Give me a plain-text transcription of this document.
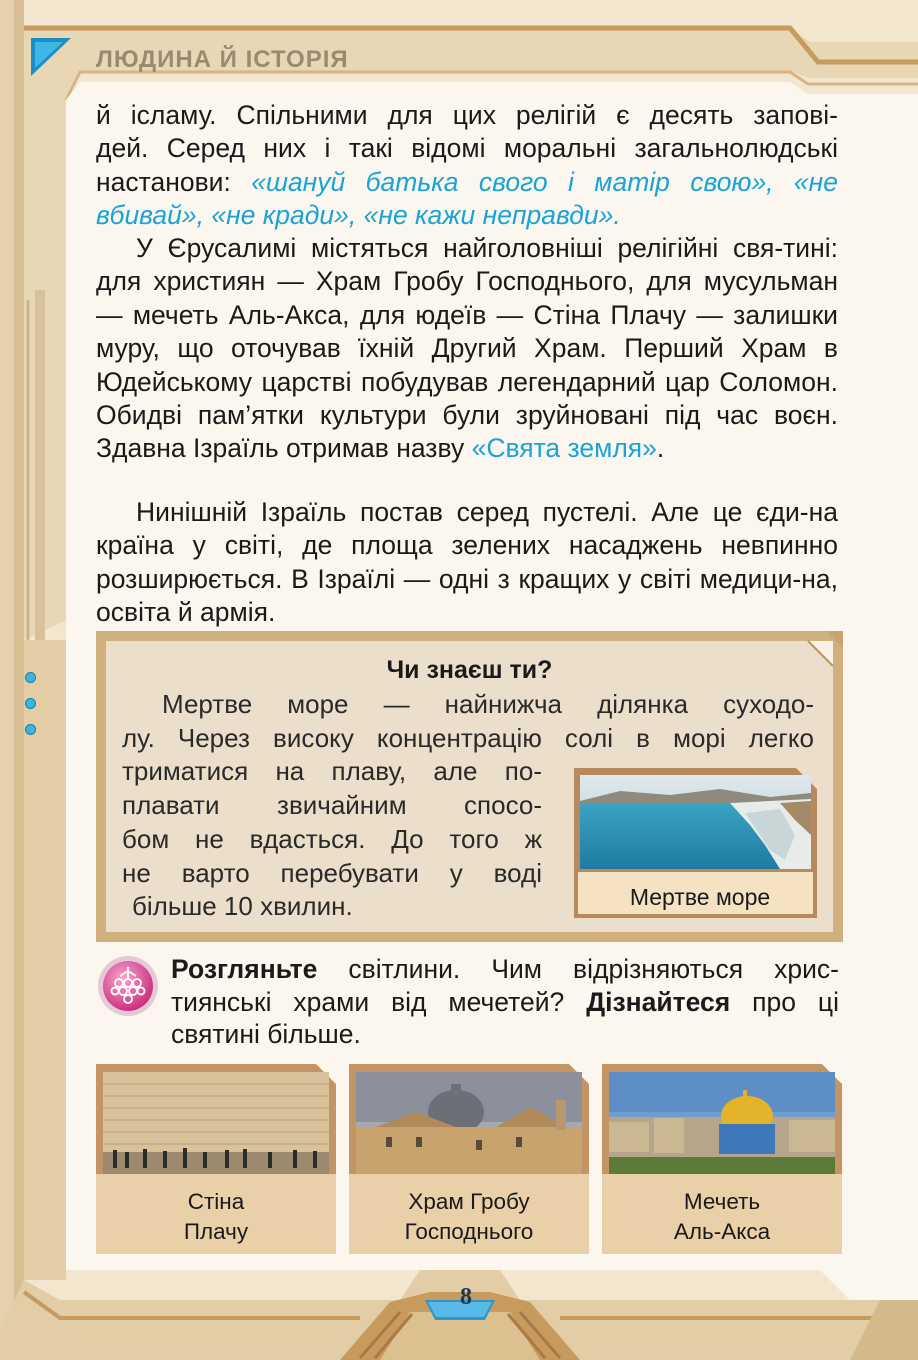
ЛЮДИНА Й ІСТОРІЯ

й ісламу. Спільними для цих релігій є десять запові-

дей. Серед них і такі відомі моральні загальнолюдські

настанови: «шануй батька свого і матір свою», «не

вбивай», «не кради», «не кажи неправди».

У Єрусалимі містяться найголовніші релігійні свя-тині: для християн — Храм Гробу Господнього, для мусульман — мечеть Аль-Акса, для юдеїв — Стіна Плачу — залишки муру, що оточував їхній Другий Храм. Перший Храм в Юдейському царстві побудував легендарний цар Соломон. Обидві пам’ятки культури були зруйновані під час воєн. Здавна Ізраїль отримав назву «Свята земля».

Нинішній Ізраїль постав серед пустелі. Але це єди-на країна у світі, де площа зелених насаджень невпинно розширюється. В Ізраїлі — одні з кращих у світі медици-на, освіта й армія.

Чи знаєш ти?

Мертве море — найнижча ділянка суходо-

лу. Через високу концентрацію солі в морі легко

триматися на плаву, але по-

плавати звичайним спосо-

бом не вдасться. До того ж

не варто перебувати у воді

більше 10 хвилин.	Мертве море
Розгляньте світлини. Чим відрізняються хрис-тиянські храми від мечетей? Дізнайтеся про ці святині більше.
Стіна
Плачу
Храм Гробу
Господнього
Мечеть
Аль-Акса
8
